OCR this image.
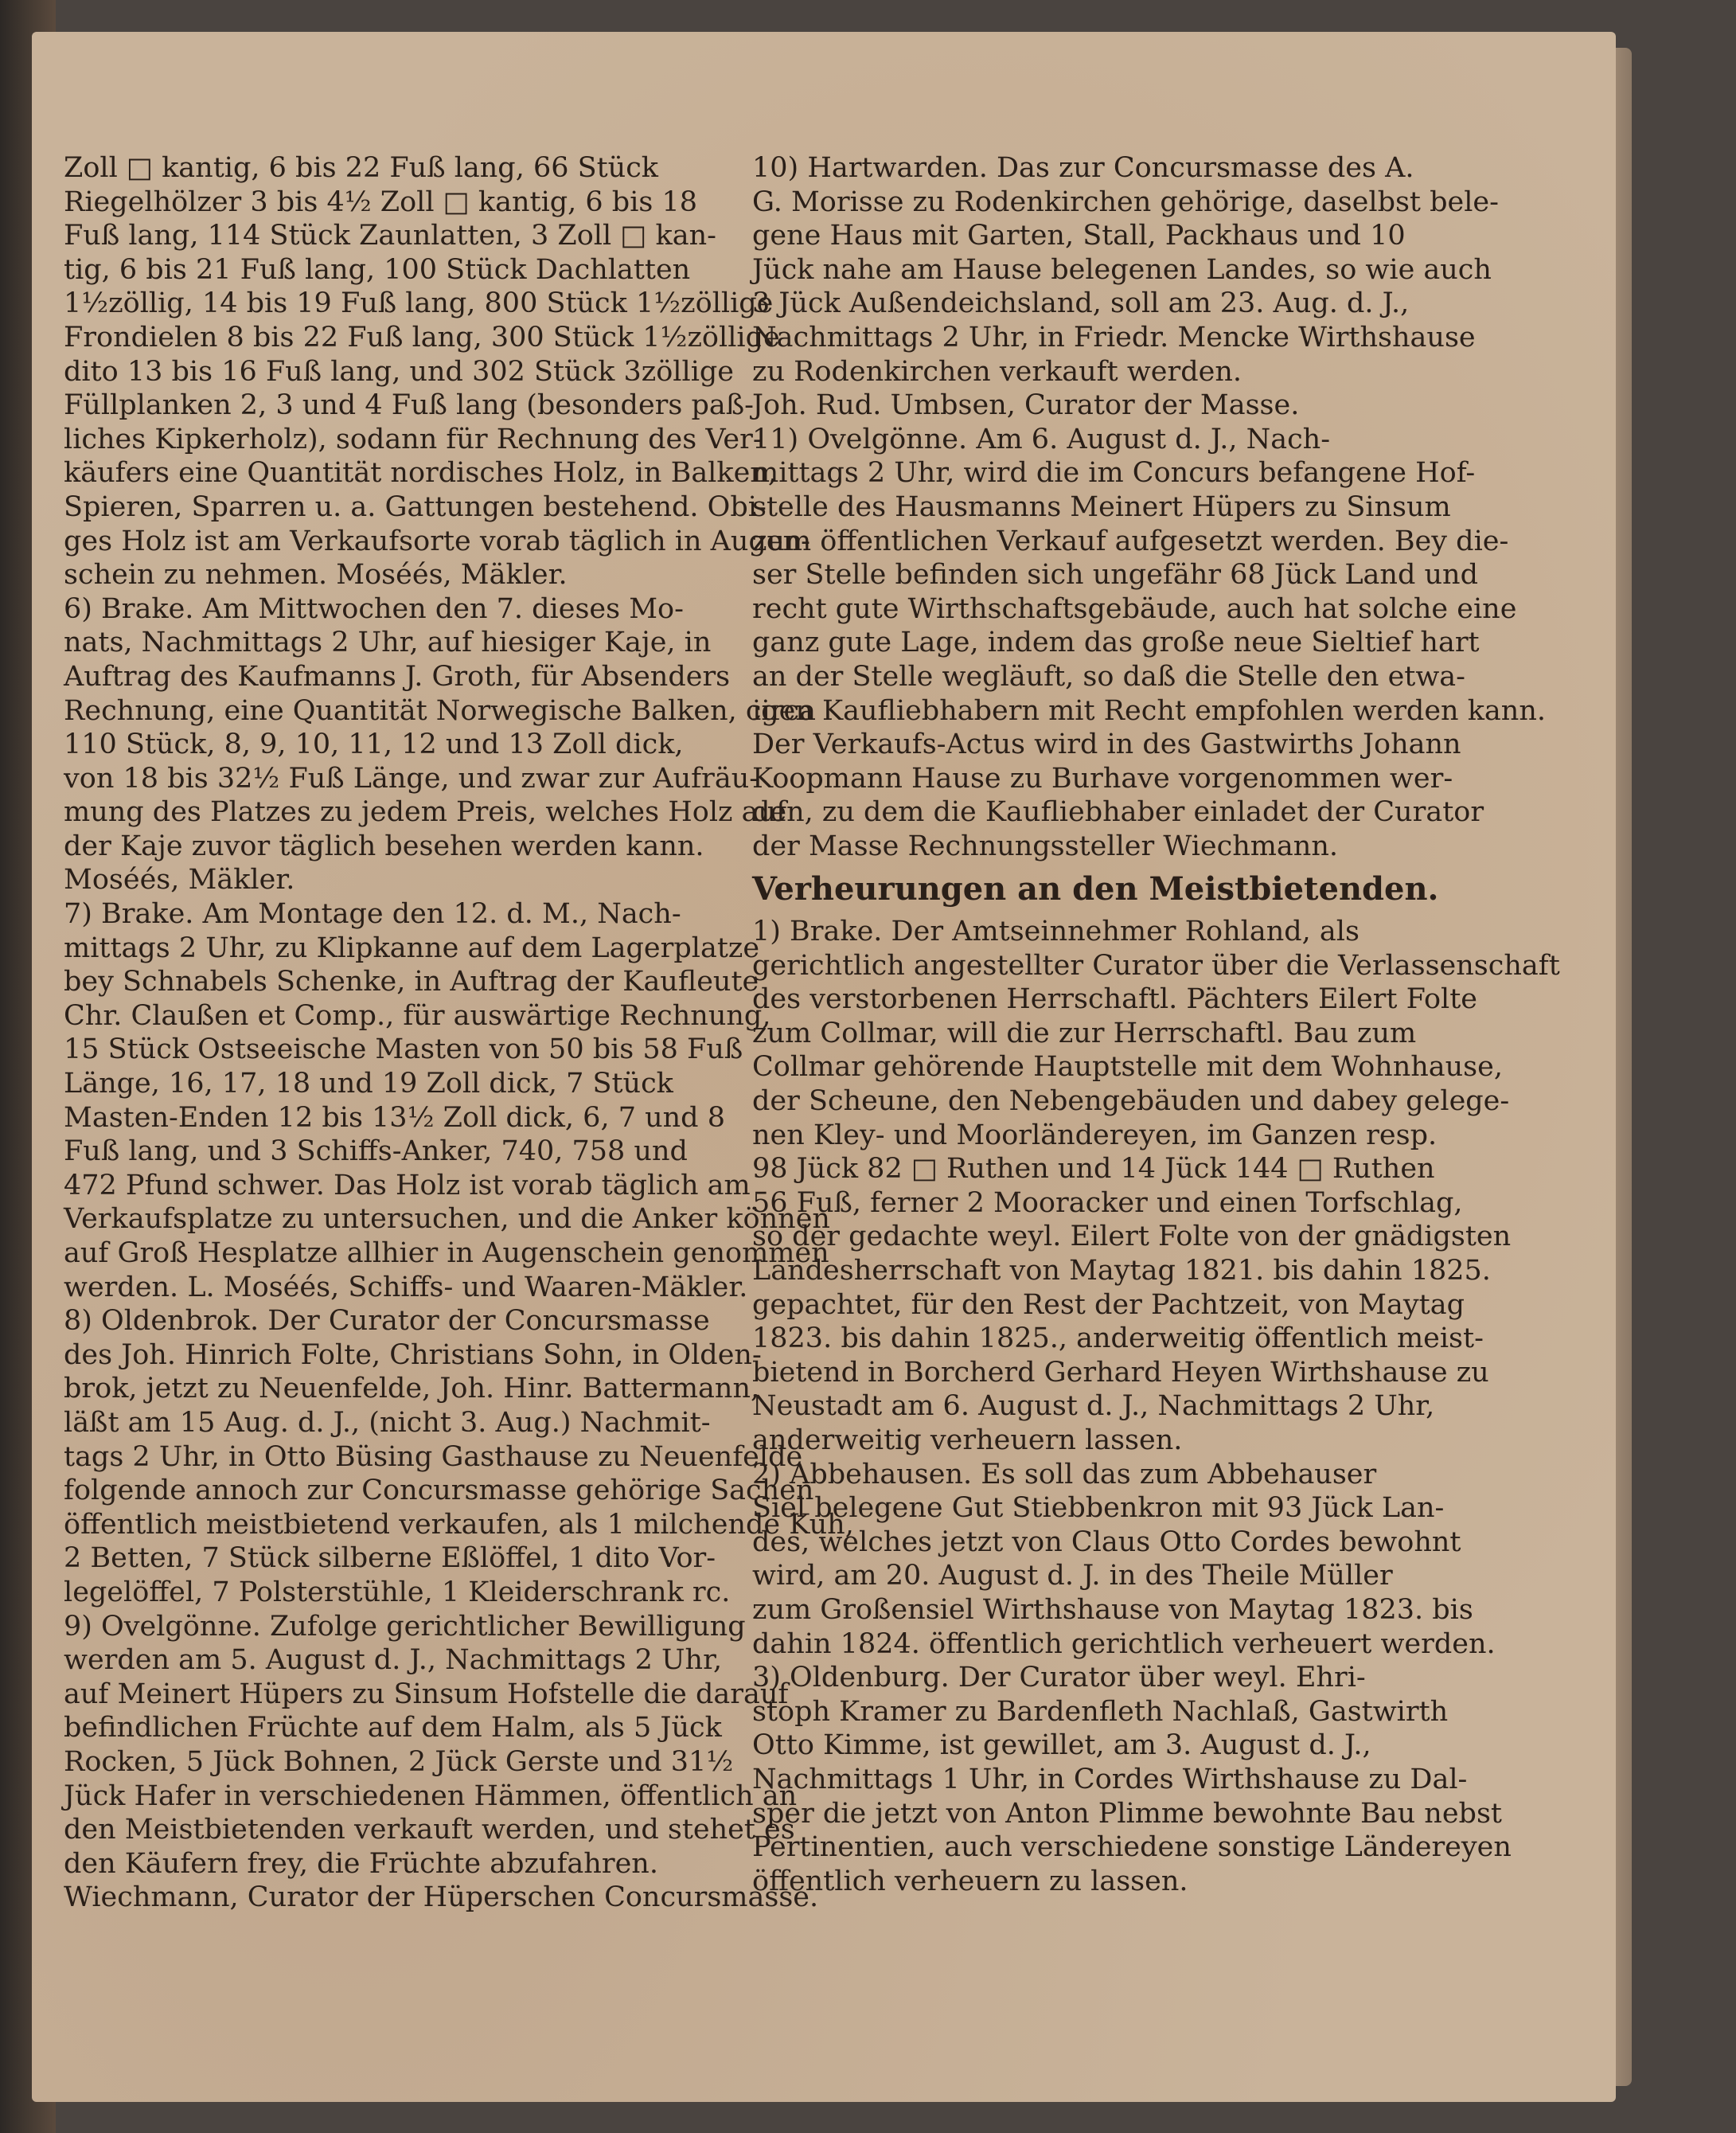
Zoll □ kantig, 6 bis 22 Fuß lang, 66 Stück

Riegelhölzer 3 bis 4½ Zoll □ kantig, 6 bis 18

Fuß lang, 114 Stück Zaunlatten, 3 Zoll □ kan-

tig, 6 bis 21 Fuß lang, 100 Stück Dachlatten

1½zöllig, 14 bis 19 Fuß lang, 800 Stück 1½zöllige

Frondielen 8 bis 22 Fuß lang, 300 Stück 1½zöllige

dito 13 bis 16 Fuß lang, und 302 Stück 3zöllige

Füllplanken 2, 3 und 4 Fuß lang (besonders paß-

liches Kipkerholz), sodann für Rechnung des Ver-

käufers eine Quantität nordisches Holz, in Balken,

Spieren, Sparren u. a. Gattungen bestehend. Obi-

ges Holz ist am Verkaufsorte vorab täglich in Augen-

schein zu nehmen. Moséés, Mäkler.

6) Brake. Am Mittwochen den 7. dieses Mo-

nats, Nachmittags 2 Uhr, auf hiesiger Kaje, in

Auftrag des Kaufmanns J. Groth, für Absenders

Rechnung, eine Quantität Norwegische Balken, circa

110 Stück, 8, 9, 10, 11, 12 und 13 Zoll dick,

von 18 bis 32½ Fuß Länge, und zwar zur Aufräu-

mung des Platzes zu jedem Preis, welches Holz auf

der Kaje zuvor täglich besehen werden kann.

Moséés, Mäkler.

7) Brake. Am Montage den 12. d. M., Nach-

mittags 2 Uhr, zu Klipkanne auf dem Lagerplatze

bey Schnabels Schenke, in Auftrag der Kaufleute

Chr. Claußen et Comp., für auswärtige Rechnung,

15 Stück Ostseeische Masten von 50 bis 58 Fuß

Länge, 16, 17, 18 und 19 Zoll dick, 7 Stück

Masten-Enden 12 bis 13½ Zoll dick, 6, 7 und 8

Fuß lang, und 3 Schiffs-Anker, 740, 758 und

472 Pfund schwer. Das Holz ist vorab täglich am

Verkaufsplatze zu untersuchen, und die Anker können

auf Groß Hesplatze allhier in Augenschein genommen

werden. L. Moséés, Schiffs- und Waaren-Mäkler.

8) Oldenbrok. Der Curator der Concursmasse

des Joh. Hinrich Folte, Christians Sohn, in Olden-

brok, jetzt zu Neuenfelde, Joh. Hinr. Battermann,

läßt am 15 Aug. d. J., (nicht 3. Aug.) Nachmit-

tags 2 Uhr, in Otto Büsing Gasthause zu Neuenfelde

folgende annoch zur Concursmasse gehörige Sachen

öffentlich meistbietend verkaufen, als 1 milchende Kuh,

2 Betten, 7 Stück silberne Eßlöffel, 1 dito Vor-

legelöffel, 7 Polsterstühle, 1 Kleiderschrank rc.

9) Ovelgönne. Zufolge gerichtlicher Bewilligung

werden am 5. August d. J., Nachmittags 2 Uhr,

auf Meinert Hüpers zu Sinsum Hofstelle die darauf

befindlichen Früchte auf dem Halm, als 5 Jück

Rocken, 5 Jück Bohnen, 2 Jück Gerste und 31½

Jück Hafer in verschiedenen Hämmen, öffentlich an

den Meistbietenden verkauft werden, und stehet es

den Käufern frey, die Früchte abzufahren.

Wiechmann, Curator der Hüperschen Concursmasse.

10) Hartwarden. Das zur Concursmasse des A.

G. Morisse zu Rodenkirchen gehörige, daselbst bele-

gene Haus mit Garten, Stall, Packhaus und 10

Jück nahe am Hause belegenen Landes, so wie auch

3 Jück Außendeichsland, soll am 23. Aug. d. J.,

Nachmittags 2 Uhr, in Friedr. Mencke Wirthshause

zu Rodenkirchen verkauft werden.

Joh. Rud. Umbsen, Curator der Masse.

11) Ovelgönne. Am 6. August d. J., Nach-

mittags 2 Uhr, wird die im Concurs befangene Hof-

stelle des Hausmanns Meinert Hüpers zu Sinsum

zum öffentlichen Verkauf aufgesetzt werden. Bey die-

ser Stelle befinden sich ungefähr 68 Jück Land und

recht gute Wirthschaftsgebäude, auch hat solche eine

ganz gute Lage, indem das große neue Sieltief hart

an der Stelle wegläuft, so daß die Stelle den etwa-

igen Kaufliebhabern mit Recht empfohlen werden kann.

Der Verkaufs-Actus wird in des Gastwirths Johann

Koopmann Hause zu Burhave vorgenommen wer-

den, zu dem die Kaufliebhaber einladet der Curator

der Masse Rechnungssteller Wiechmann.

Verheurungen an den Meistbietenden.

1) Brake. Der Amtseinnehmer Rohland, als

gerichtlich angestellter Curator über die Verlassenschaft

des verstorbenen Herrschaftl. Pächters Eilert Folte

zum Collmar, will die zur Herrschaftl. Bau zum

Collmar gehörende Hauptstelle mit dem Wohnhause,

der Scheune, den Nebengebäuden und dabey gelege-

nen Kley- und Moorländereyen, im Ganzen resp.

98 Jück 82 □ Ruthen und 14 Jück 144 □ Ruthen

56 Fuß, ferner 2 Mooracker und einen Torfschlag,

so der gedachte weyl. Eilert Folte von der gnädigsten

Landesherrschaft von Maytag 1821. bis dahin 1825.

gepachtet, für den Rest der Pachtzeit, von Maytag

1823. bis dahin 1825., anderweitig öffentlich meist-

bietend in Borcherd Gerhard Heyen Wirthshause zu

Neustadt am 6. August d. J., Nachmittags 2 Uhr,

anderweitig verheuern lassen.

2) Abbehausen. Es soll das zum Abbehauser

Siel belegene Gut Stiebbenkron mit 93 Jück Lan-

des, welches jetzt von Claus Otto Cordes bewohnt

wird, am 20. August d. J. in des Theile Müller

zum Großensiel Wirthshause von Maytag 1823. bis

dahin 1824. öffentlich gerichtlich verheuert werden.

3) Oldenburg. Der Curator über weyl. Ehri-

stoph Kramer zu Bardenfleth Nachlaß, Gastwirth

Otto Kimme, ist gewillet, am 3. August d. J.,

Nachmittags 1 Uhr, in Cordes Wirthshause zu Dal-

sper die jetzt von Anton Plimme bewohnte Bau nebst

Pertinentien, auch verschiedene sonstige Ländereyen

öffentlich verheuern zu lassen.
